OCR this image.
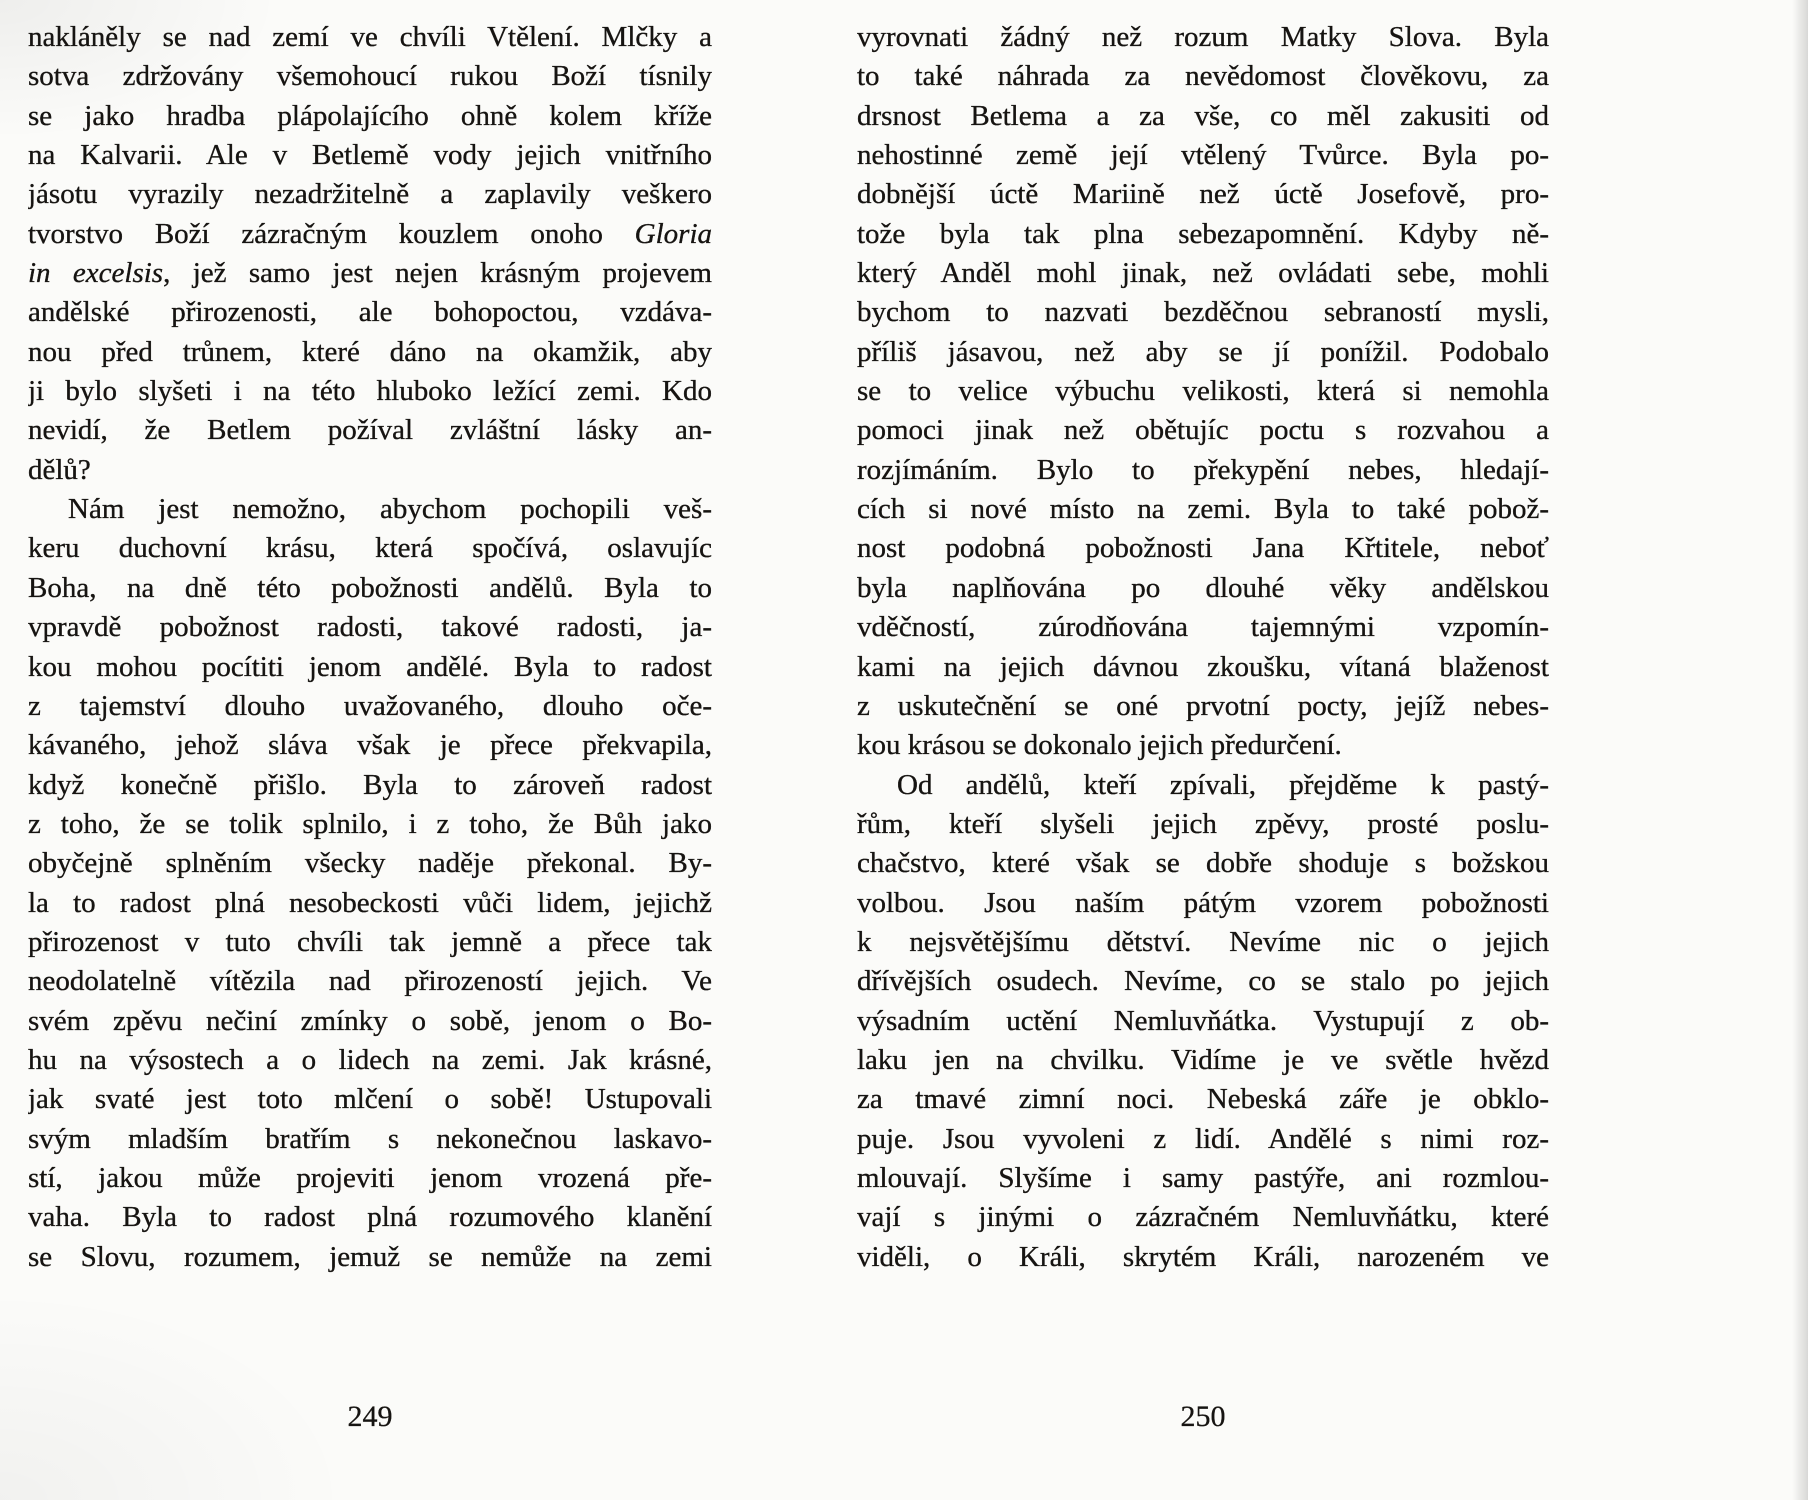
nakláněly se nad zemí ve chvíli Vtělení. Mlčky a
sotva zdržovány všemohoucí rukou Boží tísnily
se jako hradba plápolajícího ohně kolem kříže
na Kalvarii. Ale v Betlemě vody jejich vnitřního
jásotu vyrazily nezadržitelně a zaplavily veškero
tvorstvo Boží zázračným kouzlem onoho Gloria
in excelsis, jež samo jest nejen krásným projevem
andělské přirozenosti, ale bohopoctou, vzdáva-
nou před trůnem, které dáno na okamžik, aby
ji bylo slyšeti i na této hluboko ležící zemi. Kdo
nevidí, že Betlem požíval zvláštní lásky an-
dělů?
Nám jest nemožno, abychom pochopili veš-
keru duchovní krásu, která spočívá, oslavujíc
Boha, na dně této pobožnosti andělů. Byla to
vpravdě pobožnost radosti, takové radosti, ja-
kou mohou pocítiti jenom andělé. Byla to radost
z tajemství dlouho uvažovaného, dlouho oče-
kávaného, jehož sláva však je přece překvapila,
když konečně přišlo. Byla to zároveň radost
z toho, že se tolik splnilo, i z toho, že Bůh jako
obyčejně splněním všecky naděje překonal. By-
la to radost plná nesobeckosti vůči lidem, jejichž
přirozenost v tuto chvíli tak jemně a přece tak
neodolatelně vítězila nad přirozeností jejich. Ve
svém zpěvu nečiní zmínky o sobě, jenom o Bo-
hu na výsostech a o lidech na zemi. Jak krásné,
jak svaté jest toto mlčení o sobě! Ustupovali
svým mladším bratřím s nekonečnou laskavo-
stí, jakou může projeviti jenom vrozená pře-
vaha. Byla to radost plná rozumového klanění
se Slovu, rozumem, jemuž se nemůže na zemi
vyrovnati žádný než rozum Matky Slova. Byla
to také náhrada za nevědomost člověkovu, za
drsnost Betlema a za vše, co měl zakusiti od
nehostinné země její vtělený Tvůrce. Byla po-
dobnější úctě Mariině než úctě Josefově, pro-
tože byla tak plna sebezapomnění. Kdyby ně-
který Anděl mohl jinak, než ovládati sebe, mohli
bychom to nazvati bezděčnou sebraností mysli,
příliš jásavou, než aby se jí ponížil. Podobalo
se to velice výbuchu velikosti, která si nemohla
pomoci jinak než obětujíc poctu s rozvahou a
rozjímáním. Bylo to překypění nebes, hledají-
cích si nové místo na zemi. Byla to také pobož-
nost podobná pobožnosti Jana Křtitele, neboť
byla naplňována po dlouhé věky andělskou
vděčností, zúrodňována tajemnými vzpomín-
kami na jejich dávnou zkoušku, vítaná blaženost
z uskutečnění se oné prvotní pocty, jejíž nebes-
kou krásou se dokonalo jejich předurčení.
Od andělů, kteří zpívali, přejděme k pastý-
řům, kteří slyšeli jejich zpěvy, prosté poslu-
chačstvo, které však se dobře shoduje s božskou
volbou. Jsou naším pátým vzorem pobožnosti
k nejsvětějšímu dětství. Nevíme nic o jejich
dřívějších osudech. Nevíme, co se stalo po jejich
výsadním uctění Nemluvňátka. Vystupují z ob-
laku jen na chvilku. Vidíme je ve světle hvězd
za tmavé zimní noci. Nebeská záře je obklo-
puje. Jsou vyvoleni z lidí. Andělé s nimi roz-
mlouvají. Slyšíme i samy pastýře, ani rozmlou-
vají s jinými o zázračném Nemluvňátku, které
viděli, o Králi, skrytém Králi, narozeném ve
249	250
